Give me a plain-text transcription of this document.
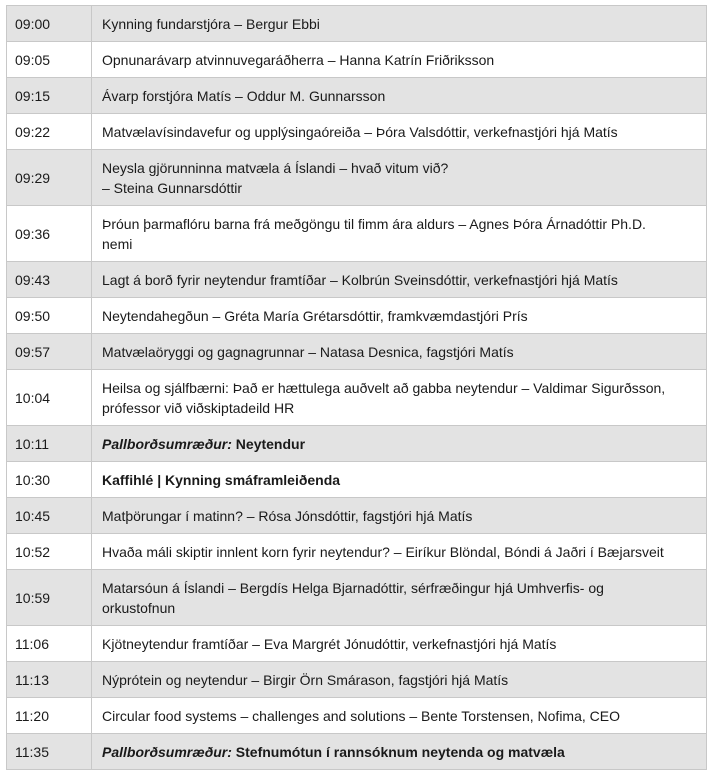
09:00	Kynning fundarstjóra – Bergur Ebbi

09:05	Opnunarávarp atvinnuvegaráðherra – Hanna Katrín Friðriksson

09:15	Ávarp forstjóra Matís – Oddur M. Gunnarsson

09:22	Matvælavísindavefur og upplýsingaóreiða – Þóra Valsdóttir, verkefnastjóri hjá Matís

09:29	Neysla gjörunninna matvæla á Íslandi – hvað vitum við?
– Steina Gunnarsdóttir

09:36	Þróun þarmaflóru barna frá meðgöngu til fimm ára aldurs – Agnes Þóra Árnadóttir Ph.D.
nemi

09:43	Lagt á borð fyrir neytendur framtíðar – Kolbrún Sveinsdóttir, verkefnastjóri hjá Matís

09:50	Neytendahegðun – Gréta María Grétarsdóttir, framkvæmdastjóri Prís

09:57	Matvælaöryggi og gagnagrunnar – Natasa Desnica, fagstjóri Matís

10:04	Heilsa og sjálfbærni: Það er hættulega auðvelt að gabba neytendur – Valdimar Sigurðsson,
prófessor við viðskiptadeild HR

10:11	Pallborðsumræður: Neytendur

10:30	Kaffihlé | Kynning smáframleiðenda

10:45	Matþörungar í matinn? – Rósa Jónsdóttir, fagstjóri hjá Matís

10:52	Hvaða máli skiptir innlent korn fyrir neytendur? – Eiríkur Blöndal, Bóndi á Jaðri í Bæjarsveit

10:59	Matarsóun á Íslandi – Bergdís Helga Bjarnadóttir, sérfræðingur hjá Umhverfis- og
orkustofnun

11:06	Kjötneytendur framtíðar – Eva Margrét Jónudóttir, verkefnastjóri hjá Matís

11:13	Nýprótein og neytendur – Birgir Örn Smárason, fagstjóri hjá Matís

11:20	Circular food systems – challenges and solutions – Bente Torstensen, Nofima, CEO

11:35	Pallborðsumræður: Stefnumótun í rannsóknum neytenda og matvæla
